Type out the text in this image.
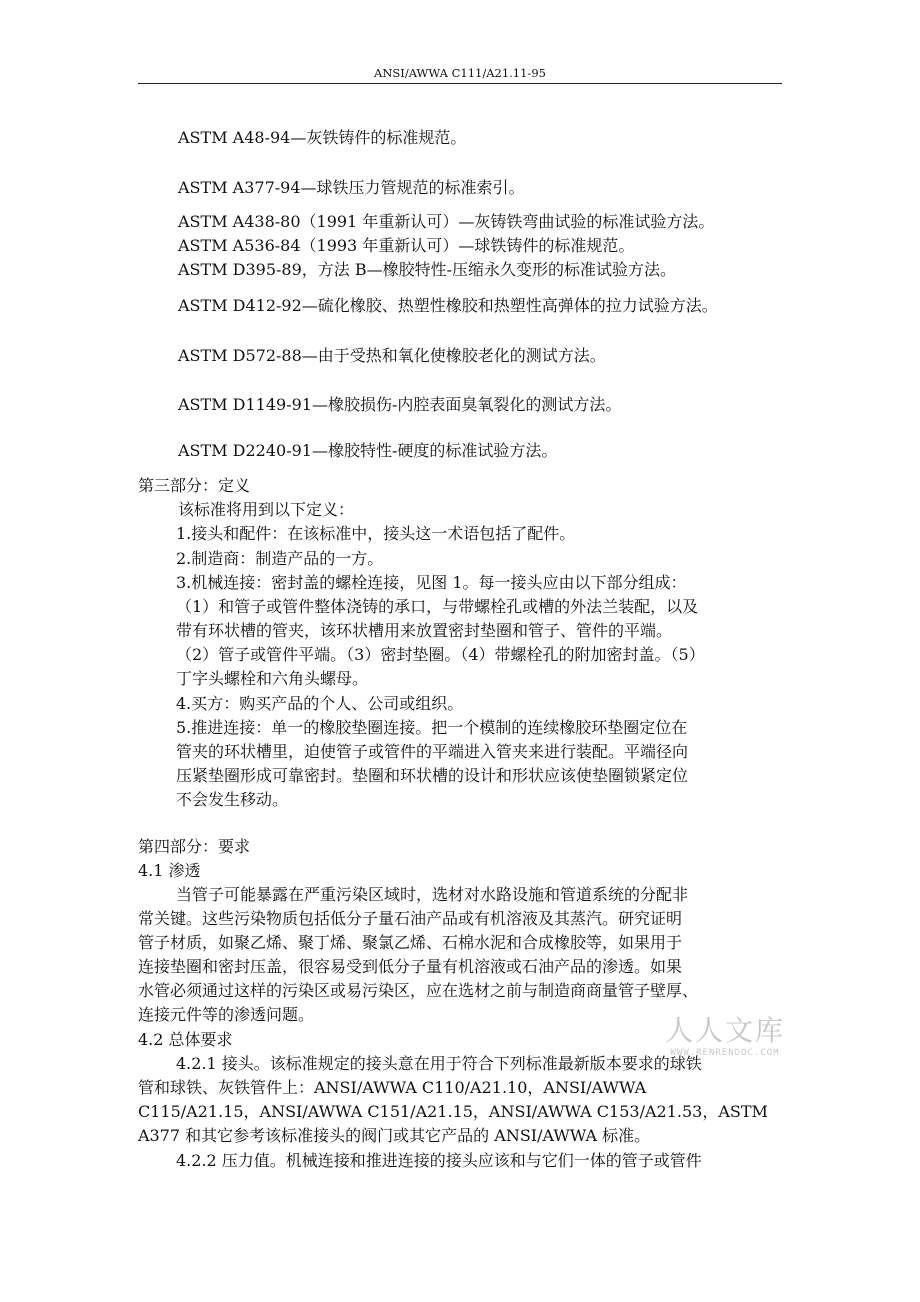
ANSI/AWWA C111/A21.11-95

ASTM A48-94—灰铁铸件的标准规范。

ASTM A377-94—球铁压力管规范的标准索引。

ASTM A438-80（1991 年重新认可）—灰铸铁弯曲试验的标准试验方法。

ASTM A536-84（1993 年重新认可）—球铁铸件的标准规范。

ASTM D395-89，方法 B—橡胶特性-压缩永久变形的标准试验方法。

ASTM D412-92—硫化橡胶、热塑性橡胶和热塑性高弹体的拉力试验方法。

ASTM D572-88—由于受热和氧化使橡胶老化的测试方法。

ASTM D1149-91—橡胶损伤-内腔表面臭氧裂化的测试方法。

ASTM D2240-91—橡胶特性-硬度的标准试验方法。

第三部分：定义

该标准将用到以下定义：

1.接头和配件：在该标准中，接头这一术语包括了配件。

2.制造商：制造产品的一方。

3.机械连接：密封盖的螺栓连接，见图 1。每一接头应由以下部分组成：

（1）和管子或管件整体浇铸的承口，与带螺栓孔或槽的外法兰装配，以及

带有环状槽的管夹，该环状槽用来放置密封垫圈和管子、管件的平端。

（2）管子或管件平端。（3）密封垫圈。（4）带螺栓孔的附加密封盖。（5）

丁字头螺栓和六角头螺母。

4.买方：购买产品的个人、公司或组织。

5.推进连接：单一的橡胶垫圈连接。把一个模制的连续橡胶环垫圈定位在

管夹的环状槽里，迫使管子或管件的平端进入管夹来进行装配。平端径向

压紧垫圈形成可靠密封。垫圈和环状槽的设计和形状应该使垫圈锁紧定位

不会发生移动。

第四部分：要求

4.1 渗透

当管子可能暴露在严重污染区域时，选材对水路设施和管道系统的分配非

常关键。这些污染物质包括低分子量石油产品或有机溶液及其蒸汽。研究证明

管子材质，如聚乙烯、聚丁烯、聚氯乙烯、石棉水泥和合成橡胶等，如果用于

连接垫圈和密封压盖，很容易受到低分子量有机溶液或石油产品的渗透。如果

水管必须通过这样的污染区或易污染区，应在选材之前与制造商商量管子壁厚、

连接元件等的渗透问题。

4.2 总体要求

4.2.1 接头。该标准规定的接头意在用于符合下列标准最新版本要求的球铁

管和球铁、灰铁管件上：ANSI/AWWA C110/A21.10，ANSI/AWWA

C115/A21.15，ANSI/AWWA C151/A21.15，ANSI/AWWA C153/A21.53，ASTM

A377 和其它参考该标准接头的阀门或其它产品的 ANSI/AWWA 标准。

4.2.2 压力值。机械连接和推进连接的接头应该和与它们一体的管子或管件

人人文库
WWW.RENRENDOC.COM
